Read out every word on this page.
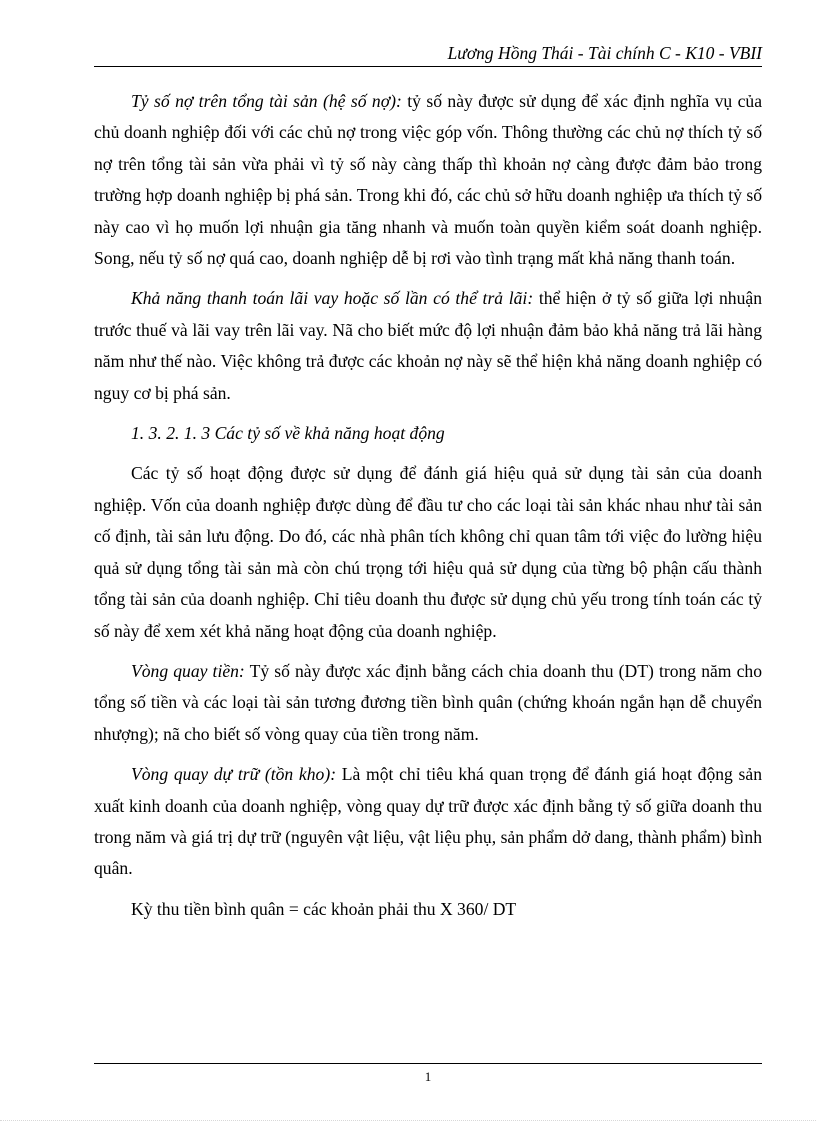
Lương Hồng Thái - Tài chính C - K10 - VBII

Tỷ số nợ trên tổng tài sản (hệ số nợ): tỷ số này được sử dụng để xác định nghĩa vụ của chủ doanh nghiệp đối với các chủ nợ trong việc góp vốn. Thông thường các chủ nợ thích tỷ số nợ trên tổng tài sản vừa phải vì tỷ số này càng thấp thì khoản nợ càng được đảm bảo trong trường hợp doanh nghiệp bị phá sản. Trong khi đó, các chủ sở hữu doanh nghiệp ưa thích tỷ số này cao vì họ muốn lợi nhuận gia tăng nhanh và muốn toàn quyền kiểm soát doanh nghiệp. Song, nếu tỷ số nợ quá cao, doanh nghiệp dễ bị rơi vào tình trạng mất khả năng thanh toán.

Khả năng thanh toán lãi vay hoặc số lần có thể trả lãi: thể hiện ở tỷ số giữa lợi nhuận trước thuế và lãi vay trên lãi vay. Nã cho biết mức độ lợi nhuận đảm bảo khả năng trả lãi hàng năm như thế nào. Việc không trả được các khoản nợ này sẽ thể hiện khả năng doanh nghiệp có nguy cơ bị phá sản.

1. 3. 2. 1. 3 Các tỷ số về khả năng hoạt động

Các tỷ số hoạt động được sử dụng để đánh giá hiệu quả sử dụng tài sản của doanh nghiệp. Vốn của doanh nghiệp được dùng để đầu tư cho các loại tài sản khác nhau như tài sản cố định, tài sản lưu động. Do đó, các nhà phân tích không chỉ quan tâm tới việc đo lường hiệu quả sử dụng tổng tài sản mà còn chú trọng tới hiệu quả sử dụng của từng bộ phận cấu thành tổng tài sản của doanh nghiệp. Chỉ tiêu doanh thu được sử dụng chủ yếu trong tính toán các tỷ số này để xem xét khả năng hoạt động của doanh nghiệp.

Vòng quay tiền: Tỷ số này được xác định bằng cách chia doanh thu (DT) trong năm cho tổng số tiền và các loại tài sản tương đương tiền bình quân (chứng khoán ngắn hạn dễ chuyển nhượng); nã cho biết số vòng quay của tiền trong năm.

Vòng quay dự trữ (tồn kho): Là một chỉ tiêu khá quan trọng để đánh giá hoạt động sản xuất kinh doanh của doanh nghiệp, vòng quay dự trữ được xác định bằng tỷ số giữa doanh thu trong năm và giá trị dự trữ (nguyên vật liệu, vật liệu phụ, sản phẩm dở dang, thành phẩm) bình quân.

Kỳ thu tiền bình quân = các khoản phải thu X 360/ DT

1
